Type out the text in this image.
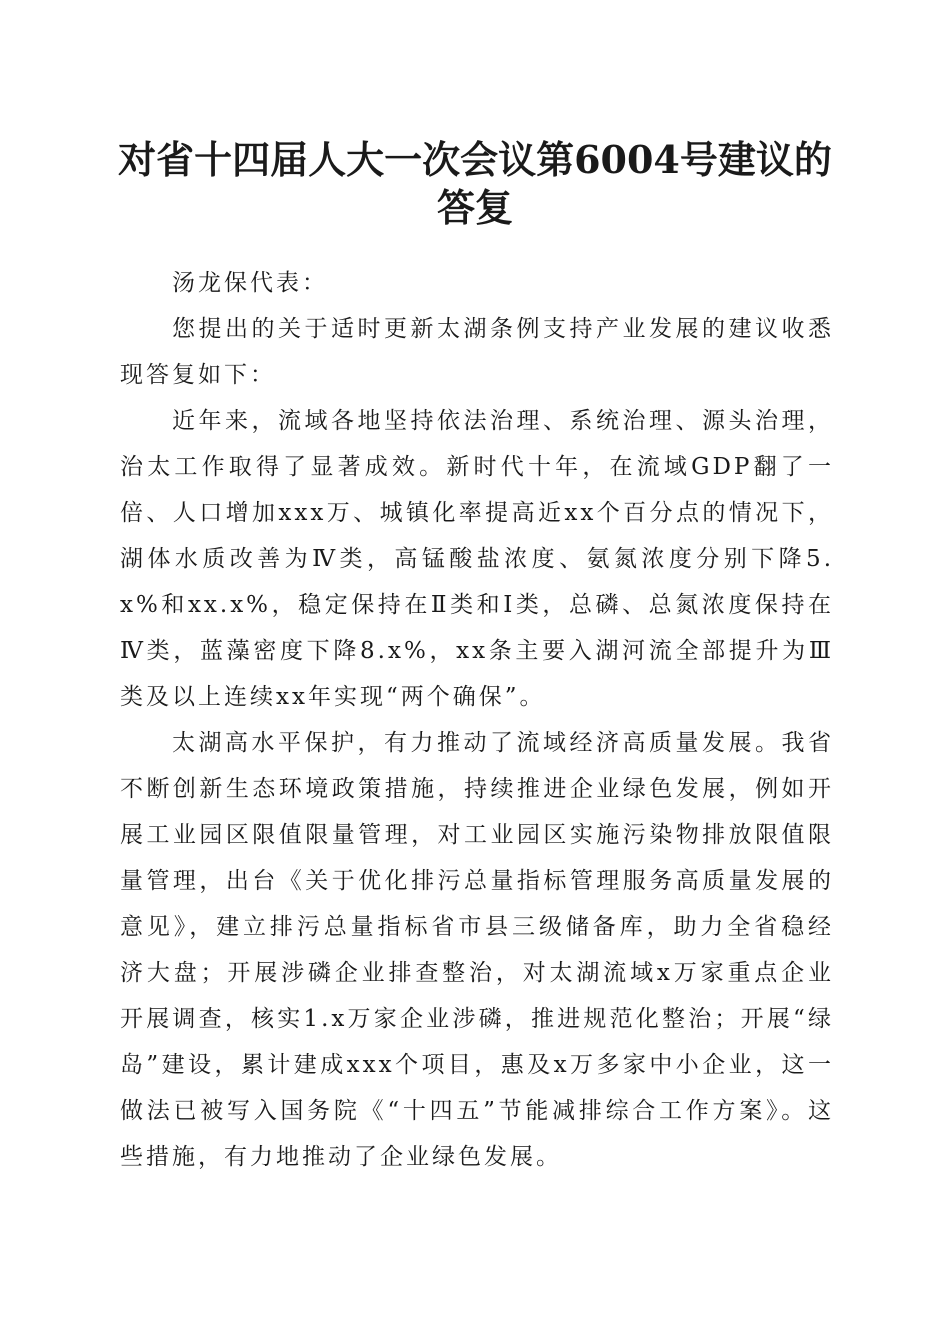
对省十四届人大一次会议第6004号建议的答复

汤龙保代表：

您提出的关于适时更新太湖条例支持产业发展的建议收悉现答复如下：

近年来，流域各地坚持依法治理、系统治理、源头治理，治太工作取得了显著成效。新时代十年，在流域GDP翻了一倍、人口增加xxx万、城镇化率提高近xx个百分点的情况下，湖体水质改善为Ⅳ类，高锰酸盐浓度、氨氮浓度分别下降5.x%和xx.x%，稳定保持在Ⅱ类和Ⅰ类，总磷、总氮浓度保持在Ⅳ类，蓝藻密度下降8.x%，xx条主要入湖河流全部提升为Ⅲ类及以上连续xx年实现“两个确保”。

太湖高水平保护，有力推动了流域经济高质量发展。我省不断创新生态环境政策措施，持续推进企业绿色发展，例如开展工业园区限值限量管理，对工业园区实施污染物排放限值限量管理，出台《关于优化排污总量指标管理服务高质量发展的意见》，建立排污总量指标省市县三级储备库，助力全省稳经济大盘；开展涉磷企业排查整治，对太湖流域x万家重点企业开展调查，核实1.x万家企业涉磷，推进规范化整治；开展“绿岛”建设，累计建成xxx个项目，惠及x万多家中小企业，这一做法已被写入国务院《“十四五”节能减排综合工作方案》。这些措施，有力地推动了企业绿色发展。
